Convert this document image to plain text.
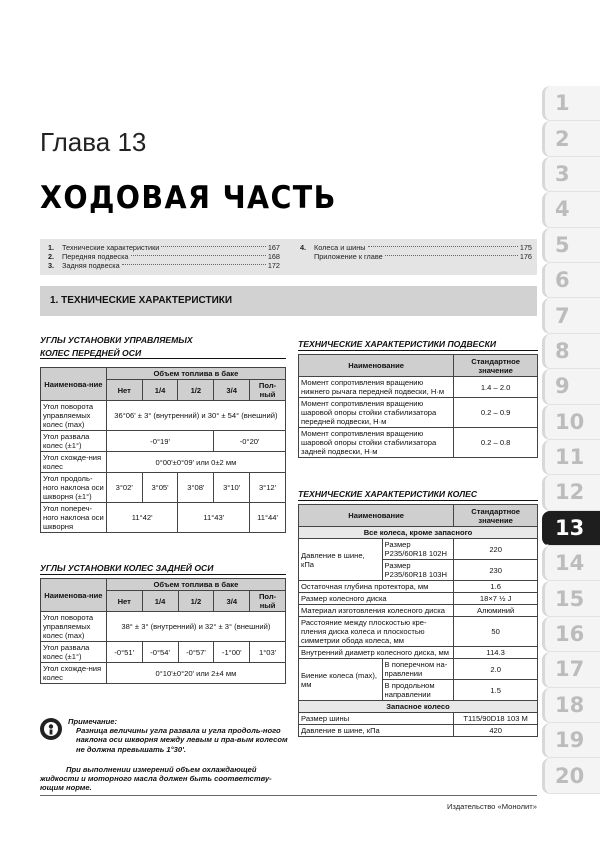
1
2
3
4
5
6
7
8
9
10
11
12
13
14
15
16
17
18
19
20
Глава 13
ХОДОВАЯ ЧАСТЬ
1.	Технические характеристики	167
2.	Передняя подвеска	168
3.	Задняя подвеска	172
4.	Колеса и шины	175
Приложение к главе	176
1. ТЕХНИЧЕСКИЕ ХАРАКТЕРИСТИКИ
УГЛЫ УСТАНОВКИ УПРАВЛЯЕМЫХ

КОЛЕС ПЕРЕДНЕЙ ОСИ
Наименова-ние	Объем топлива в баке				
	Нет	1/4	1/2	3/4	Пол-ный
Угол поворота управляемых колес (max)	36°06' ± 3° (внутренний) и 30° ± 54° (внешний)				
Угол развала колес (±1°)	-0°19'			-0°20'	
Угол схожде-ния колес	0°00'±0°09' или 0±2 мм				
Угол продоль-ного наклона оси шкворня (±1°)	3°02'	3°05'	3°08'	3°10'	3°12'
Угол попереч-ного наклона оси шкворня	11°42'		11°43'		11°44'
УГЛЫ УСТАНОВКИ КОЛЕС ЗАДНЕЙ ОСИ
Наименова-ние	Объем топлива в баке				
	Нет	1/4	1/2	3/4	Пол-ный
Угол поворота управляемых колес (max)	38° ± 3° (внутренний) и 32° ± 3° (внешний)				
Угол развала колес (±1°)	-0°51'	-0°54'	-0°57'	-1°00'	1°03'
Угол схожде-ния колес	0°10'±0°20' или 2±4 мм				
Примечание:
Разница величины угла развала и угла продоль-ного наклона оси шкворня между левым и пра-вым колесом не должна превышать 1°30'.
При выполнении измерений объем охлаждающей жидкости и моторного масла должен быть соответству-ющим норме.
ТЕХНИЧЕСКИЕ ХАРАКТЕРИСТИКИ ПОДВЕСКИ
Наименование	Стандартное значение
Момент сопротивления вращению нижнего рычага передней подвески, Н·м	1.4 – 2.0
Момент сопротивления вращению шаровой опоры стойки стабилизатора передней подвески, Н·м	0.2 – 0.9
Момент сопротивления вращению шаровой опоры стойки стабилизатора задней подвески, Н·м	0.2 – 0.8
ТЕХНИЧЕСКИЕ ХАРАКТЕРИСТИКИ КОЛЕС
Наименование		Стандартное значение
Все колеса, кроме запасного		
Давление в шине, кПа	Размер P235/60R18 102H	220
	Размер P235/60R18 103H	230
Остаточная глубина протектора, мм		1.6
Размер колесного диска		18×7 ½ J
Материал изготовления колесного диска		Алюминий
Расстояние между плоскостью кре-пления диска колеса и плоскостью симметрии обода колеса, мм		50
Внутренний диаметр колесного диска, мм		114.3
Биение колеса (max), мм	В поперечном на-правлении	2.0
	В продольном направлении	1.5
Запасное колесо		
Размер шины		T115/90D18 103 M
Давление в шине, кПа		420
Издательство «Монолит»
